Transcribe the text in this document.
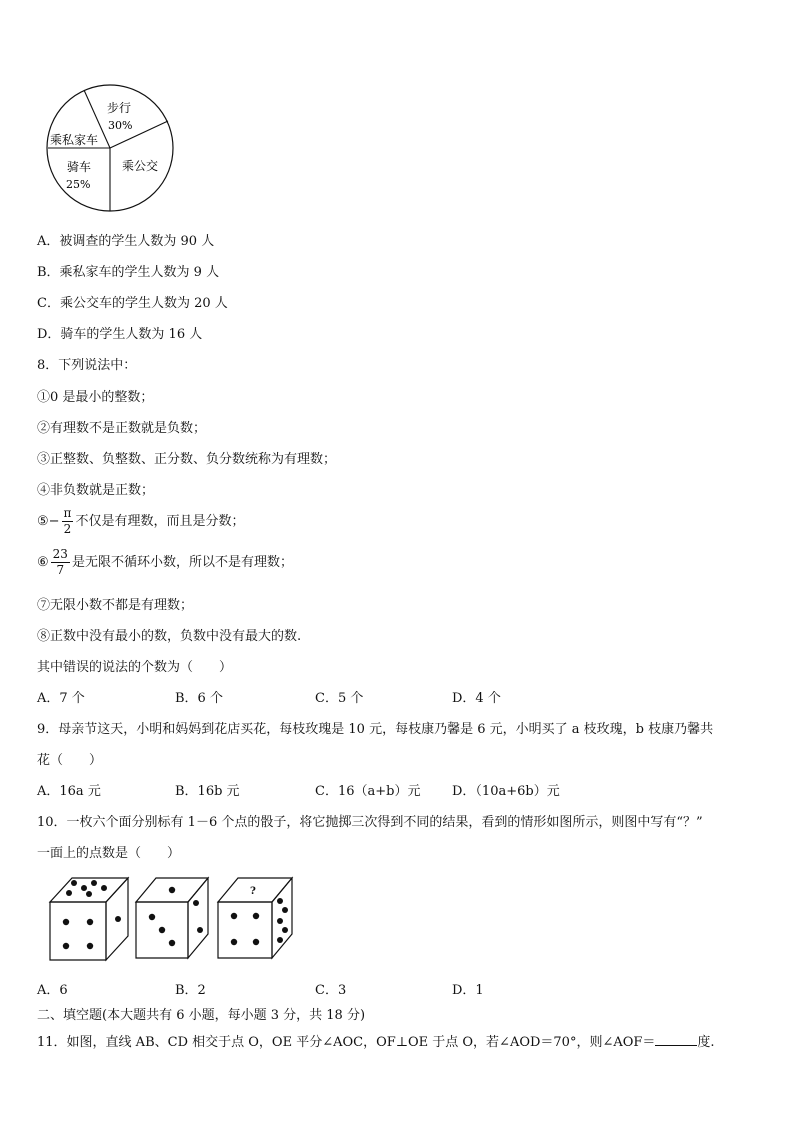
步行
30%
乘私家车
骑车
25%
乘公交
A．被调查的学生人数为 90 人
B．乘私家车的学生人数为 9 人
C．乘公交车的学生人数为 20 人
D．骑车的学生人数为 16 人
8．下列说法中：
①0 是最小的整数；
②有理数不是正数就是负数；
③正整数、负整数、正分数、负分数统称为有理数；
④非负数就是正数；
⑤− $\frac{\pi}{2}$ 不仅是有理数，而且是分数；
⑥ $\frac{23}{7}$ 是无限不循环小数，所以不是有理数；
⑦无限小数不都是有理数；
⑧正数中没有最小的数，负数中没有最大的数.
其中错误的说法的个数为（　　）
A．7 个	B．6 个	C．5 个	D．4 个
9．母亲节这天，小明和妈妈到花店买花，每枝玫瑰是 10 元，每枝康乃馨是 6 元，小明买了 a 枝玫瑰，b 枝康乃馨共
花（　　）
A．16a 元	B．16b 元	C．16（a+b）元 D．（10a+6b）元
10．一枚六个面分别标有 1－6 个点的骰子，将它抛掷三次得到不同的结果，看到的情形如图所示，则图中写有“？”
一面上的点数是（　　）
?
A．6	B．2	C．3	D．1
二、填空题(本大题共有 6 小题，每小题 3 分，共 18 分)
11．如图，直线 AB、CD 相交于点 O，OE 平分∠AOC，OF⊥OE 于点 O，若∠AOD＝70°，则∠AOF＝	度.
